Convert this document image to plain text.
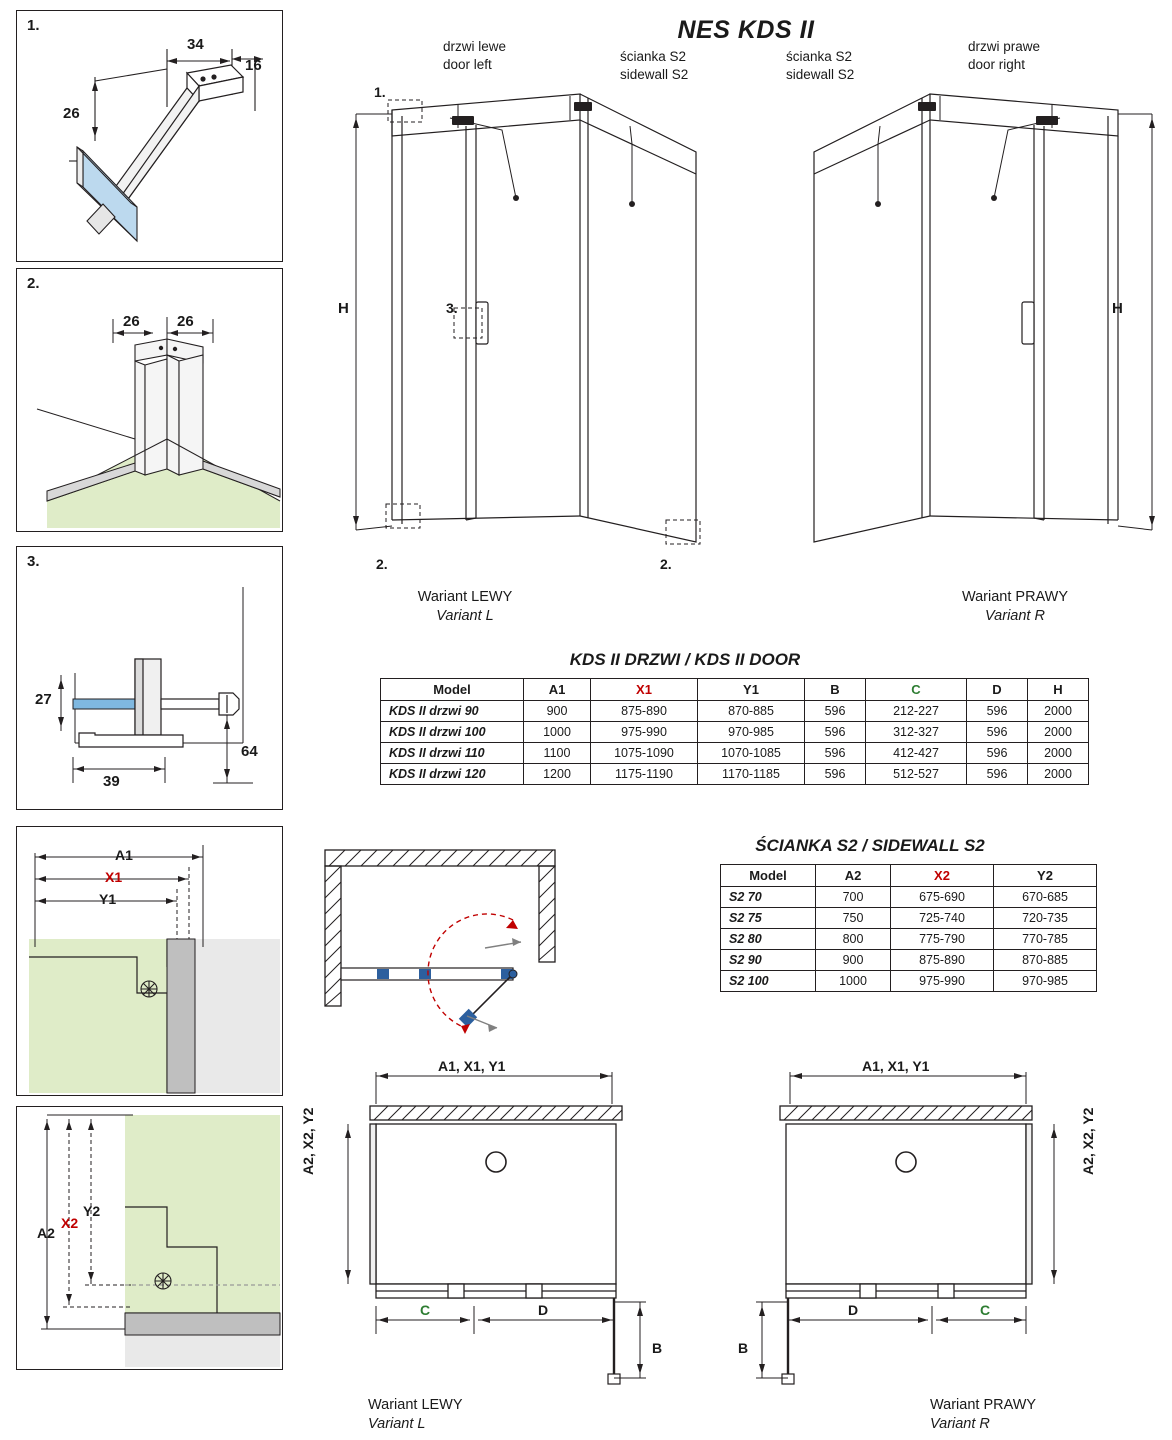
NES KDS II
1.
34
16
26
2.
26 26
3.
27
39
64
A1
X1
Y1
A2
X2
Y2
drzwi lewe
door left
ścianka S2
sidewall S2
1.
2.	2.
3.
H
Wariant LEWY
Variant L
ścianka S2
sidewall S2
drzwi prawe
door right
H
Wariant PRAWY
Variant R
KDS II DRZWI / KDS II DOOR
Model	A1	X1	Y1	B	C	D	H
KDS II drzwi 90	900	875-890	870-885	596	212-227	596	2000
KDS II drzwi 100	1000	975-990	970-985	596	312-327	596	2000
KDS II drzwi 110	1100	1075-1090	1070-1085	596	412-427	596	2000
KDS II drzwi 120	1200	1175-1190	1170-1185	596	512-527	596	2000
ŚCIANKA S2 / SIDEWALL S2
Model	A2	X2	Y2
S2 70	700	675-690	670-685
S2 75	750	725-740	720-735
S2 80	800	775-790	770-785
S2 90	900	875-890	870-885
S2 100	1000	975-990	970-985
A1, X1, Y1
A2, X2, Y2
C	D
B
Wariant LEWY
Variant L
A1, X1, Y1
A2, X2, Y2
D	C
B
Wariant PRAWY
Variant R
